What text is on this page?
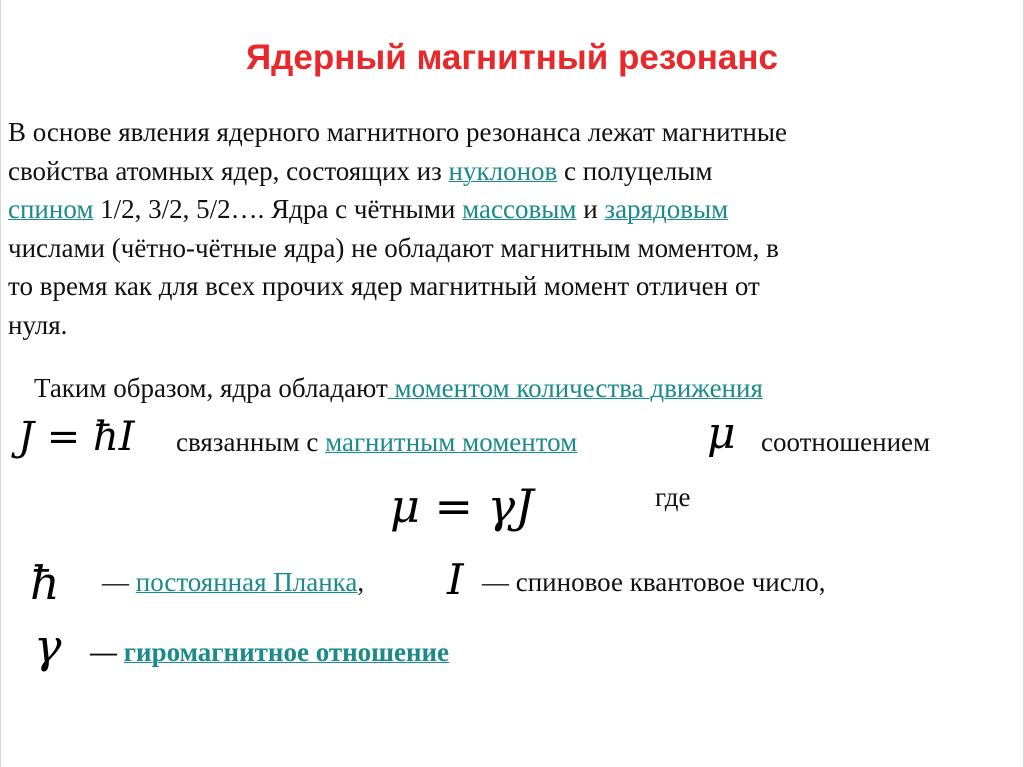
Ядерный магнитный резонанс
В основе явления ядерного магнитного резонанса лежат магнитные
свойства атомных ядер, состоящих из нуклонов с полуцелым
спином 1/2, 3/2, 5/2…. Ядра с чётными массовым и зарядовым
числами (чётно-чётные ядра) не обладают магнитным моментом, в
то время как для всех прочих ядер магнитный момент отличен от
нуля.
Таким образом, ядра обладают моментом количества движения
J = ħI связанным с магнитным моментом	μ соотношением
μ = γJ	где
ħ — постоянная Планка, I — спиновое квантовое число,
γ — гиромагнитное отношение
